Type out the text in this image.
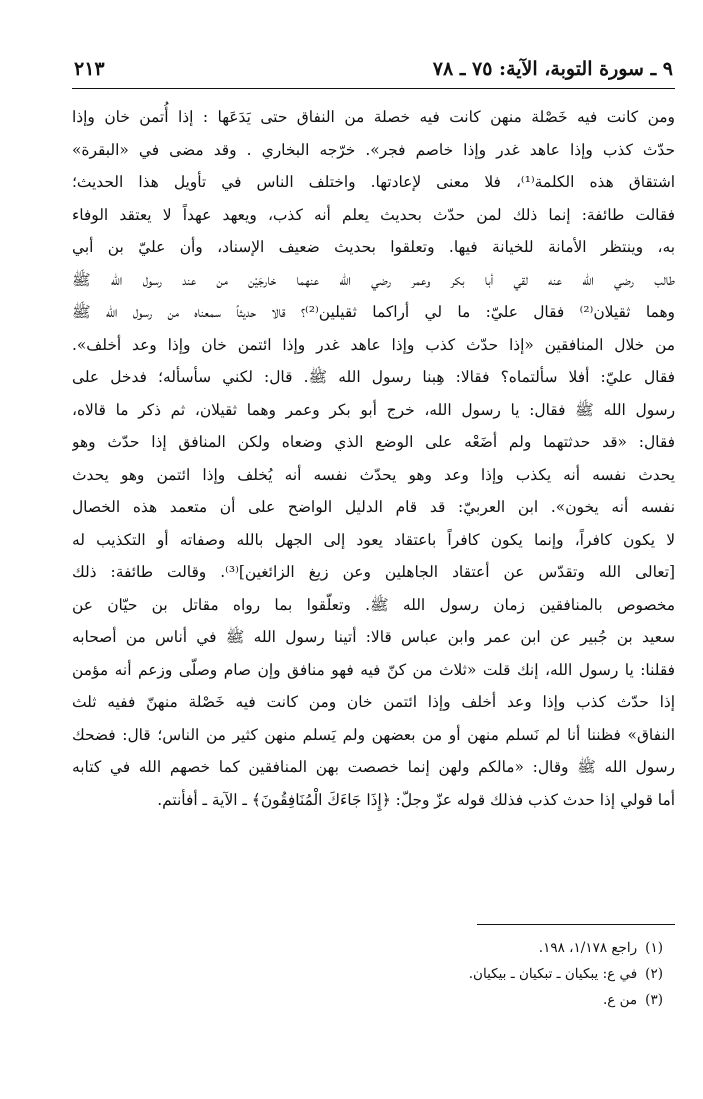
٩ ـ سورة التوبة، الآية: ٧٥ ـ ٧٨
٢١٣
ومن كانت فيه خَصْلة منهن كانت فيه خصلة من النفاق حتى يَدَعَها : إذا أُتمن خان وإذا
حدّث كذب وإذا عاهد غدر وإذا خاصم فجر». خرّجه البخاري . وقد مضى في «البقرة»
اشتقاق هذه الكلمة⁽¹⁾، فلا معنى لإعادتها. واختلف الناس في تأويل هذا الحديث؛
فقالت طائفة: إنما ذلك لمن حدّث بحديث يعلم أنه كذب، ويعهد عهداً لا يعتقد الوفاء
به، وينتظر الأمانة للخيانة فيها. وتعلقوا بحديث ضعيف الإسناد، وأن عليّ بن أبي
طالب رضي الله عنه لقي أبا بكر وعمر رضي الله عنهما خارجَيْن من عند رسول الله ﷺ
وهما ثقيلان⁽²⁾ فقال عليّ: ما لي أراكما ثقيلين⁽²⁾؟ قالا حديثاً سمعناه من رسول الله ﷺ
من خلال المنافقين «إذا حدّث كذب وإذا عاهد غدر وإذا ائتمن خان وإذا وعد أخلف».
فقال عليّ: أفلا سألتماه؟ فقالا: هِبنا رسول الله ﷺ. قال: لكني سأسأله؛ فدخل على
رسول الله ﷺ فقال: يا رسول الله، خرج أبو بكر وعمر وهما ثقيلان، ثم ذكر ما قالاه،
فقال: «قد حدثتهما ولم أضَعْه على الوضع الذي وضعاه ولكن المنافق إذا حدّث وهو
يحدث نفسه أنه يكذب وإذا وعد وهو يحدّث نفسه أنه يُخلف وإذا ائتمن وهو يحدث
نفسه أنه يخون». ابن العربيّ: قد قام الدليل الواضح على أن متعمد هذه الخصال
لا يكون كافراً، وإنما يكون كافراً باعتقاد يعود إلى الجهل بالله وصفاته أو التكذيب له
[تعالى الله وتقدّس عن أعتقاد الجاهلين وعن زيغ الزائغين]⁽³⁾. وقالت طائفة: ذلك
مخصوص بالمنافقين زمان رسول الله ﷺ. وتعلّقوا بما رواه مقاتل بن حيّان عن
سعيد بن جُبير عن ابن عمر وابن عباس قالا: أتينا رسول الله ﷺ في أناس من أصحابه
فقلنا: يا رسول الله، إنك قلت «ثلاث من كنّ فيه فهو منافق وإن صام وصلّى وزعم أنه مؤمن
إذا حدّث كذب وإذا وعد أخلف وإذا ائتمن خان ومن كانت فيه خَصْلة منهنّ ففيه ثلث
النفاق» فظننا أنا لم نَسلم منهن أو من بعضهن ولم يَسلم منهن كثير من الناس؛ قال: فضحك
رسول الله ﷺ وقال: «مالكم ولهن إنما خصصت بهن المنافقين كما خصهم الله في كتابه
أما قولي إذا حدث كذب فذلك قوله عزّ وجلّ: ﴿إِذَا جَاءَكَ الْمُنَافِقُونَ﴾ ـ الآية ـ أفأنتم.
(١)راجع ١/١٧٨، ١٩٨.
(٢)في ع: يبكيان ـ تبكيان ـ بيكيان.
(٣)من ع.
